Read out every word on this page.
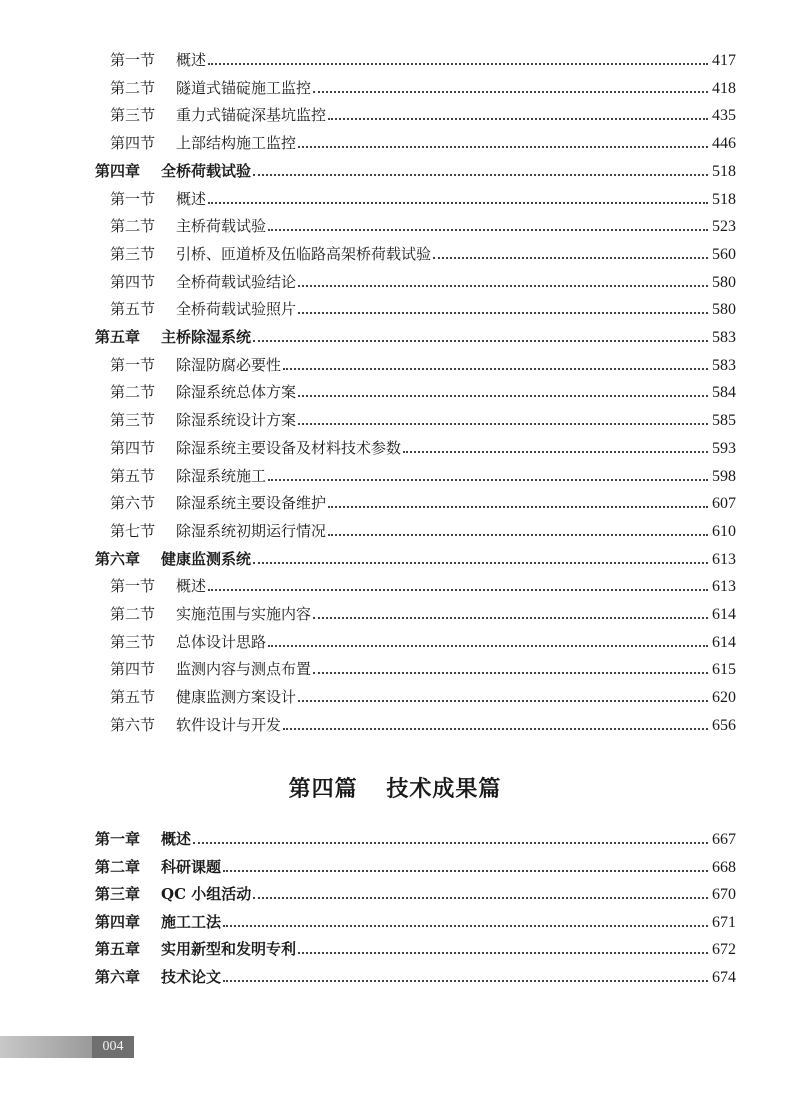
第一节	概述	417
第二节	隧道式锚碇施工监控	418
第三节	重力式锚碇深基坑监控	435
第四节	上部结构施工监控	446
第四章	全桥荷载试验	518
第一节	概述	518
第二节	主桥荷载试验	523
第三节	引桥、匝道桥及伍临路高架桥荷载试验	560
第四节	全桥荷载试验结论	580
第五节	全桥荷载试验照片	580
第五章	主桥除湿系统	583
第一节	除湿防腐必要性	583
第二节	除湿系统总体方案	584
第三节	除湿系统设计方案	585
第四节	除湿系统主要设备及材料技术参数	593
第五节	除湿系统施工	598
第六节	除湿系统主要设备维护	607
第七节	除湿系统初期运行情况	610
第六章	健康监测系统	613
第一节	概述	613
第二节	实施范围与实施内容	614
第三节	总体设计思路	614
第四节	监测内容与测点布置	615
第五节	健康监测方案设计	620
第六节	软件设计与开发	656
第四篇 技术成果篇
第一章	概述	667
第二章	科研课题	668
第三章	QC 小组活动	670
第四章	施工工法	671
第五章	实用新型和发明专利	672
第六章	技术论文	674
004
